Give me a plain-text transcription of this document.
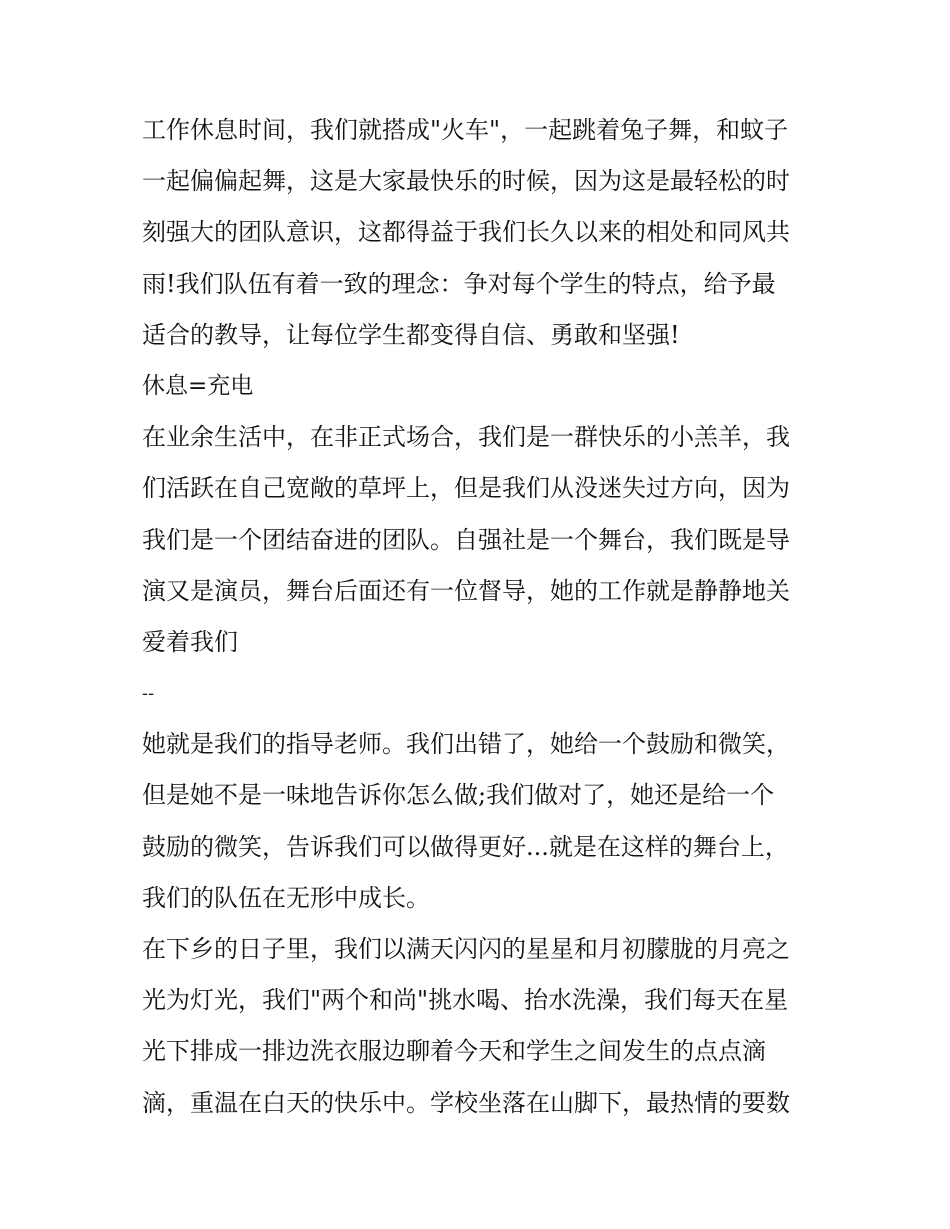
工作休息时间，我们就搭成"火车"，一起跳着兔子舞，和蚊子
一起偏偏起舞，这是大家最快乐的时候，因为这是最轻松的时
刻强大的团队意识，这都得益于我们长久以来的相处和同风共
雨!我们队伍有着一致的理念：争对每个学生的特点，给予最
适合的教导，让每位学生都变得自信、勇敢和坚强!
休息=充电
在业余生活中，在非正式场合，我们是一群快乐的小羔羊，我
们活跃在自己宽敞的草坪上，但是我们从没迷失过方向，因为
我们是一个团结奋进的团队。自强社是一个舞台，我们既是导
演又是演员，舞台后面还有一位督导，她的工作就是静静地关
爱着我们
--
她就是我们的指导老师。我们出错了，她给一个鼓励和微笑，
但是她不是一味地告诉你怎么做;我们做对了，她还是给一个
鼓励的微笑，告诉我们可以做得更好...就是在这样的舞台上，
我们的队伍在无形中成长。
在下乡的日子里，我们以满天闪闪的星星和月初朦胧的月亮之
光为灯光，我们"两个和尚"挑水喝、抬水洗澡，我们每天在星
光下排成一排边洗衣服边聊着今天和学生之间发生的点点滴
滴，重温在白天的快乐中。学校坐落在山脚下，最热情的要数
